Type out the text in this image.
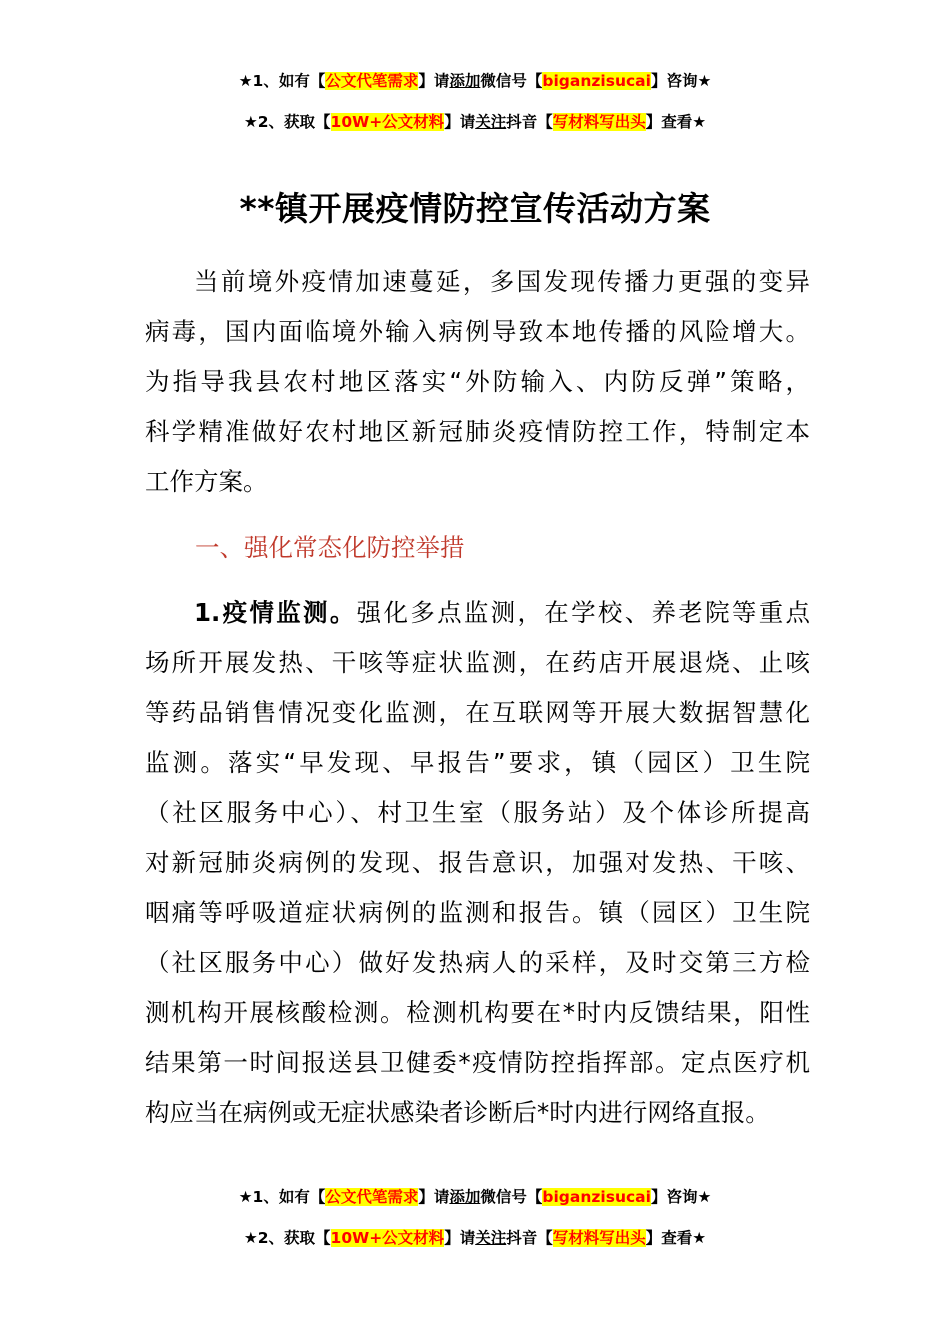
★1、如有【公文代笔需求】请添加微信号【biganzisucai】咨询★
★2、获取【10W+公文材料】请关注抖音【写材料写出头】查看★
**镇开展疫情防控宣传活动方案
当前境外疫情加速蔓延，多国发现传播力更强的变异
病毒，国内面临境外输入病例导致本地传播的风险增大。
为指导我县农村地区落实“外防输入、内防反弹”策略，
科学精准做好农村地区新冠肺炎疫情防控工作，特制定本
工作方案。
一、强化常态化防控举措
1.疫情监测。强化多点监测，在学校、养老院等重点
场所开展发热、干咳等症状监测，在药店开展退烧、止咳
等药品销售情况变化监测，在互联网等开展大数据智慧化
监测。落实“早发现、早报告”要求，镇（园区）卫生院
（社区服务中心）、村卫生室（服务站）及个体诊所提高
对新冠肺炎病例的发现、报告意识，加强对发热、干咳、
咽痛等呼吸道症状病例的监测和报告。镇（园区）卫生院
（社区服务中心）做好发热病人的采样，及时交第三方检
测机构开展核酸检测。检测机构要在*时内反馈结果，阳性
结果第一时间报送县卫健委*疫情防控指挥部。定点医疗机
构应当在病例或无症状感染者诊断后*时内进行网络直报。
★1、如有【公文代笔需求】请添加微信号【biganzisucai】咨询★
★2、获取【10W+公文材料】请关注抖音【写材料写出头】查看★
